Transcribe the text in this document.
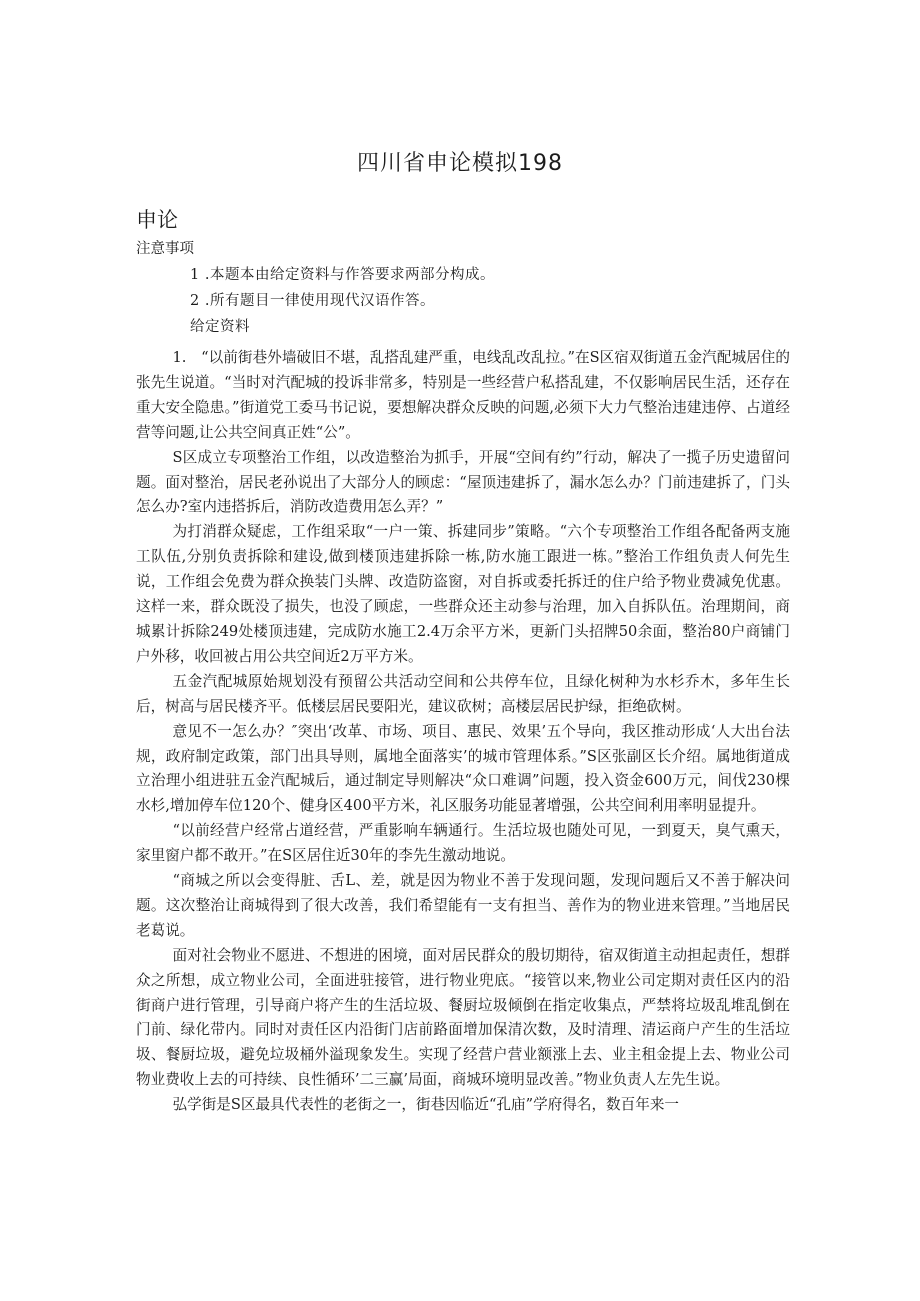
四川省申论模拟198
申论
注意事项
1 .本题本由给定资料与作答要求两部分构成。
2 .所有题目一律使用现代汉语作答。
给定资料

1.　“以前街巷外墙破旧不堪，乱搭乱建严重，电线乱改乱拉。”在S区宿双街道五金汽配城居住的张先生说道。“当时对汽配城的投诉非常多，特别是一些经营户私搭乱建，不仅影响居民生活，还存在重大安全隐患。”街道党工委马书记说，要想解决群众反映的问题,必须下大力气整治违建违停、占道经营等问题,让公共空间真正姓“公”。

S区成立专项整治工作组，以改造整治为抓手，开展“空间有约”行动，解决了一揽子历史遗留问题。面对整治，居民老孙说出了大部分人的顾虑：“屋顶违建拆了，漏水怎么办？门前违建拆了，门头怎么办?室内违搭拆后，消防改造费用怎么弄？”

为打消群众疑虑，工作组采取“一户一策、拆建同步”策略。“六个专项整治工作组各配备两支施工队伍,分别负责拆除和建设,做到楼顶违建拆除一栋,防水施工跟进一栋。”整治工作组负责人何先生说，工作组会免费为群众换装门头牌、改造防盗窗，对自拆或委托拆迁的住户给予物业费减免优惠。这样一来，群众既没了损失，也没了顾虑，一些群众还主动参与治理，加入自拆队伍。治理期间，商城累计拆除249处楼顶违建，完成防水施工2.4万余平方米，更新门头招牌50余面，整治80户商铺门户外移，收回被占用公共空间近2万平方米。

五金汽配城原始规划没有预留公共活动空间和公共停车位，且绿化树种为水杉乔木，多年生长后，树高与居民楼齐平。低楼层居民要阳光，建议砍树；高楼层居民护绿，拒绝砍树。

意见不一怎么办？″突出‘改革、市场、项目、惠民、效果’五个导向，我区推动形成‘人大出台法规，政府制定政策，部门出具导则，属地全面落实’的城市管理体系。”S区张副区长介绍。属地街道成立治理小组进驻五金汽配城后，通过制定导则解决“众口难调”问题，投入资金600万元，间伐230棵水杉,增加停车位120个、健身区400平方米，礼区服务功能显著增强，公共空间利用率明显提升。

“以前经营户经常占道经营，严重影响车辆通行。生活垃圾也随处可见，一到夏天，臭气熏天，家里窗户都不敢开。”在S区居住近30年的李先生激动地说。

“商城之所以会变得脏、舌L、差，就是因为物业不善于发现问题，发现问题后又不善于解决问题。这次整治让商城得到了很大改善，我们希望能有一支有担当、善作为的物业进来管理。”当地居民老葛说。

面对社会物业不愿进、不想进的困境，面对居民群众的殷切期待，宿双街道主动担起责任，想群众之所想，成立物业公司，全面进驻接管，进行物业兜底。“接管以来,物业公司定期对责任区内的沿街商户进行管理，引导商户将产生的生活垃圾、餐厨垃圾倾倒在指定收集点，严禁将垃圾乱堆乱倒在门前、绿化带内。同时对责任区内沿街门店前路面增加保清次数，及时清理、清运商户产生的生活垃圾、餐厨垃圾，避免垃圾桶外溢现象发生。实现了经营户营业额涨上去、业主租金提上去、物业公司物业费收上去的可持续、良性循环’二三赢’局面，商城环境明显改善。”物业负责人左先生说。

弘学街是S区最具代表性的老街之一，街巷因临近“孔庙”学府得名，数百年来一
